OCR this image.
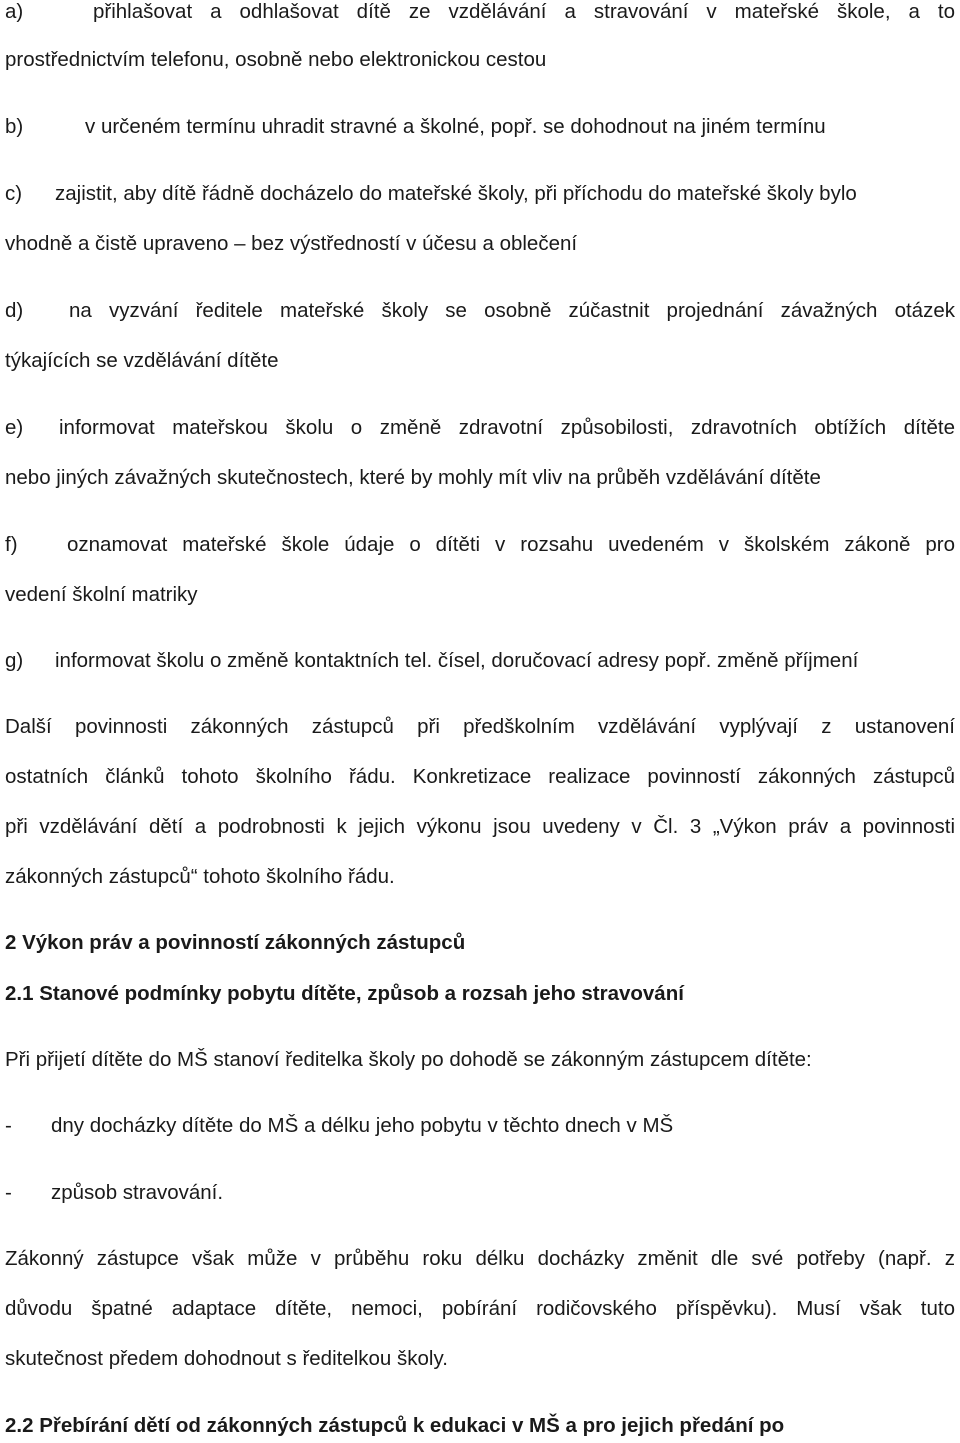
a)	přihlašovat a odhlašovat dítě ze vzdělávání a stravování v mateřské škole, a to
prostřednictvím telefonu, osobně nebo elektronickou cestou
b)	v určeném termínu uhradit stravné a školné, popř. se dohodnout na jiném termínu
c) zajistit, aby dítě řádně docházelo do mateřské školy, při příchodu do mateřské školy bylo
vhodně a čistě upraveno – bez výstředností v účesu a oblečení
d) na vyzvání ředitele mateřské školy se osobně zúčastnit projednání závažných otázek
týkajících se vzdělávání dítěte
e) informovat mateřskou školu o změně zdravotní způsobilosti, zdravotních obtížích dítěte
nebo jiných závažných skutečnostech, které by mohly mít vliv na průběh vzdělávání dítěte
f) oznamovat mateřské škole údaje o dítěti v rozsahu uvedeném v školském zákoně pro
vedení školní matriky
g) informovat školu o změně kontaktních tel. čísel, doručovací adresy popř. změně příjmení
Další povinnosti zákonných zástupců při předškolním vzdělávání vyplývají z ustanovení
ostatních článků tohoto školního řádu. Konkretizace realizace povinností zákonných zástupců
při vzdělávání dětí a podrobnosti k jejich výkonu jsou uvedeny v Čl. 3 „Výkon práv a povinnosti
zákonných zástupců“ tohoto školního řádu.
2 Výkon práv a povinností zákonných zástupců
2.1 Stanové podmínky pobytu dítěte, způsob a rozsah jeho stravování
Při přijetí dítěte do MŠ stanoví ředitelka školy po dohodě se zákonným zástupcem dítěte:
- dny docházky dítěte do MŠ a délku jeho pobytu v těchto dnech v MŠ
- způsob stravování.
Zákonný zástupce však může v průběhu roku délku docházky změnit dle své potřeby (např. z
důvodu špatné adaptace dítěte, nemoci, pobírání rodičovského příspěvku). Musí však tuto
skutečnost předem dohodnout s ředitelkou školy.
2.2 Přebírání dětí od zákonných zástupců k edukaci v MŠ a pro jejich předání po
